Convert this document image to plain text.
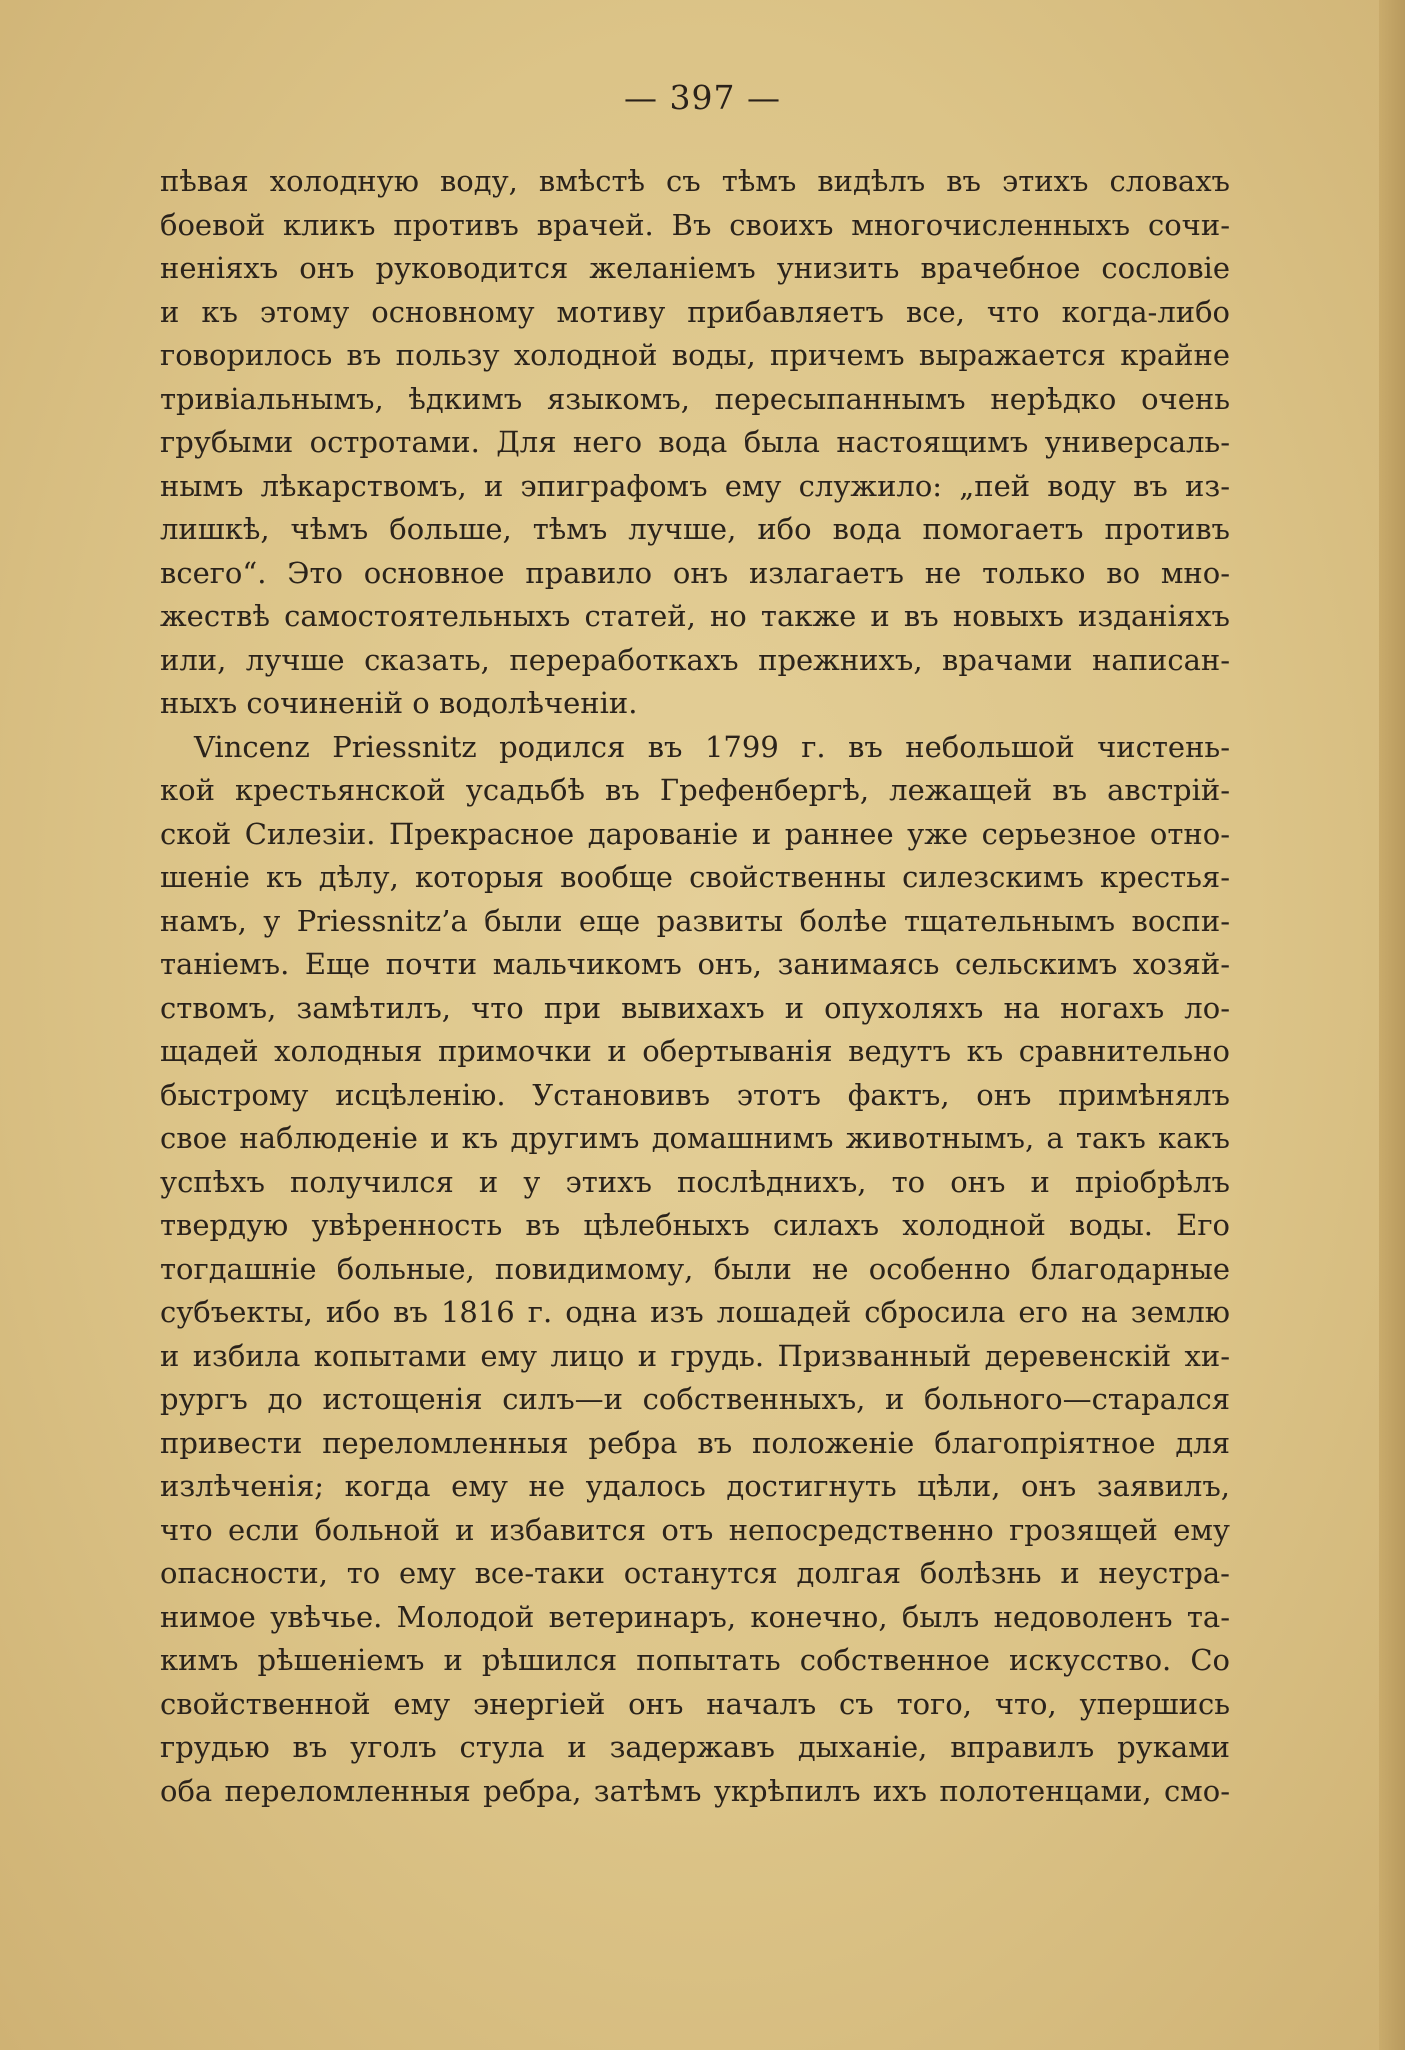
— 397 —
пѣвая холодную воду, вмѣстѣ съ тѣмъ видѣлъ въ этихъ словахъ
боевой кликъ противъ врачей. Въ своихъ многочисленныхъ сочи-
неніяхъ онъ руководится желаніемъ унизить врачебное сословіе
и къ этому основному мотиву прибавляетъ все, что когда-либо
говорилось въ пользу холодной воды, причемъ выражается крайне
тривіальнымъ, ѣдкимъ языкомъ, пересыпаннымъ нерѣдко очень
грубыми остротами. Для него вода была настоящимъ универсаль-
нымъ лѣкарствомъ, и эпиграфомъ ему служило: „пей воду въ из-
лишкѣ, чѣмъ больше, тѣмъ лучше, ибо вода помогаетъ противъ
всего“. Это основное правило онъ излагаетъ не только во мно-
жествѣ самостоятельныхъ статей, но также и въ новыхъ изданіяхъ
или, лучше сказать, переработкахъ прежнихъ, врачами написан-
ныхъ сочиненій о водолѣченіи.
Vincenz Priessnitz родился въ 1799 г. въ небольшой чистень-
кой крестьянской усадьбѣ въ Грефенбергѣ, лежащей въ австрій-
ской Силезіи. Прекрасное дарованіе и раннее уже серьезное отно-
шеніе къ дѣлу, которыя вообще свойственны силезскимъ крестья-
намъ, у Priessnitz’а были еще развиты болѣе тщательнымъ воспи-
таніемъ. Еще почти мальчикомъ онъ, занимаясь сельскимъ хозяй-
ствомъ, замѣтилъ, что при вывихахъ и опухоляхъ на ногахъ ло-
щадей холодныя примочки и обертыванія ведутъ къ сравнительно
быстрому исцѣленію. Установивъ этотъ фактъ, онъ примѣнялъ
свое наблюденіе и къ другимъ домашнимъ животнымъ, а такъ какъ
успѣхъ получился и у этихъ послѣднихъ, то онъ и пріобрѣлъ
твердую увѣренность въ цѣлебныхъ силахъ холодной воды. Его
тогдашніе больные, повидимому, были не особенно благодарные
субъекты, ибо въ 1816 г. одна изъ лошадей сбросила его на землю
и избила копытами ему лицо и грудь. Призванный деревенскій хи-
рургъ до истощенія силъ—и собственныхъ, и больного—старался
привести переломленныя ребра въ положеніе благопріятное для
излѣченія; когда ему не удалось достигнуть цѣли, онъ заявилъ,
что если больной и избавится отъ непосредственно грозящей ему
опасности, то ему все-таки останутся долгая болѣзнь и неустра-
нимое увѣчье. Молодой ветеринаръ, конечно, былъ недоволенъ та-
кимъ рѣшеніемъ и рѣшился попытать собственное искусство. Со
свойственной ему энергіей онъ началъ съ того, что, упершись
грудью въ уголъ стула и задержавъ дыханіе, вправилъ руками
оба переломленныя ребра, затѣмъ укрѣпилъ ихъ полотенцами, смо-
